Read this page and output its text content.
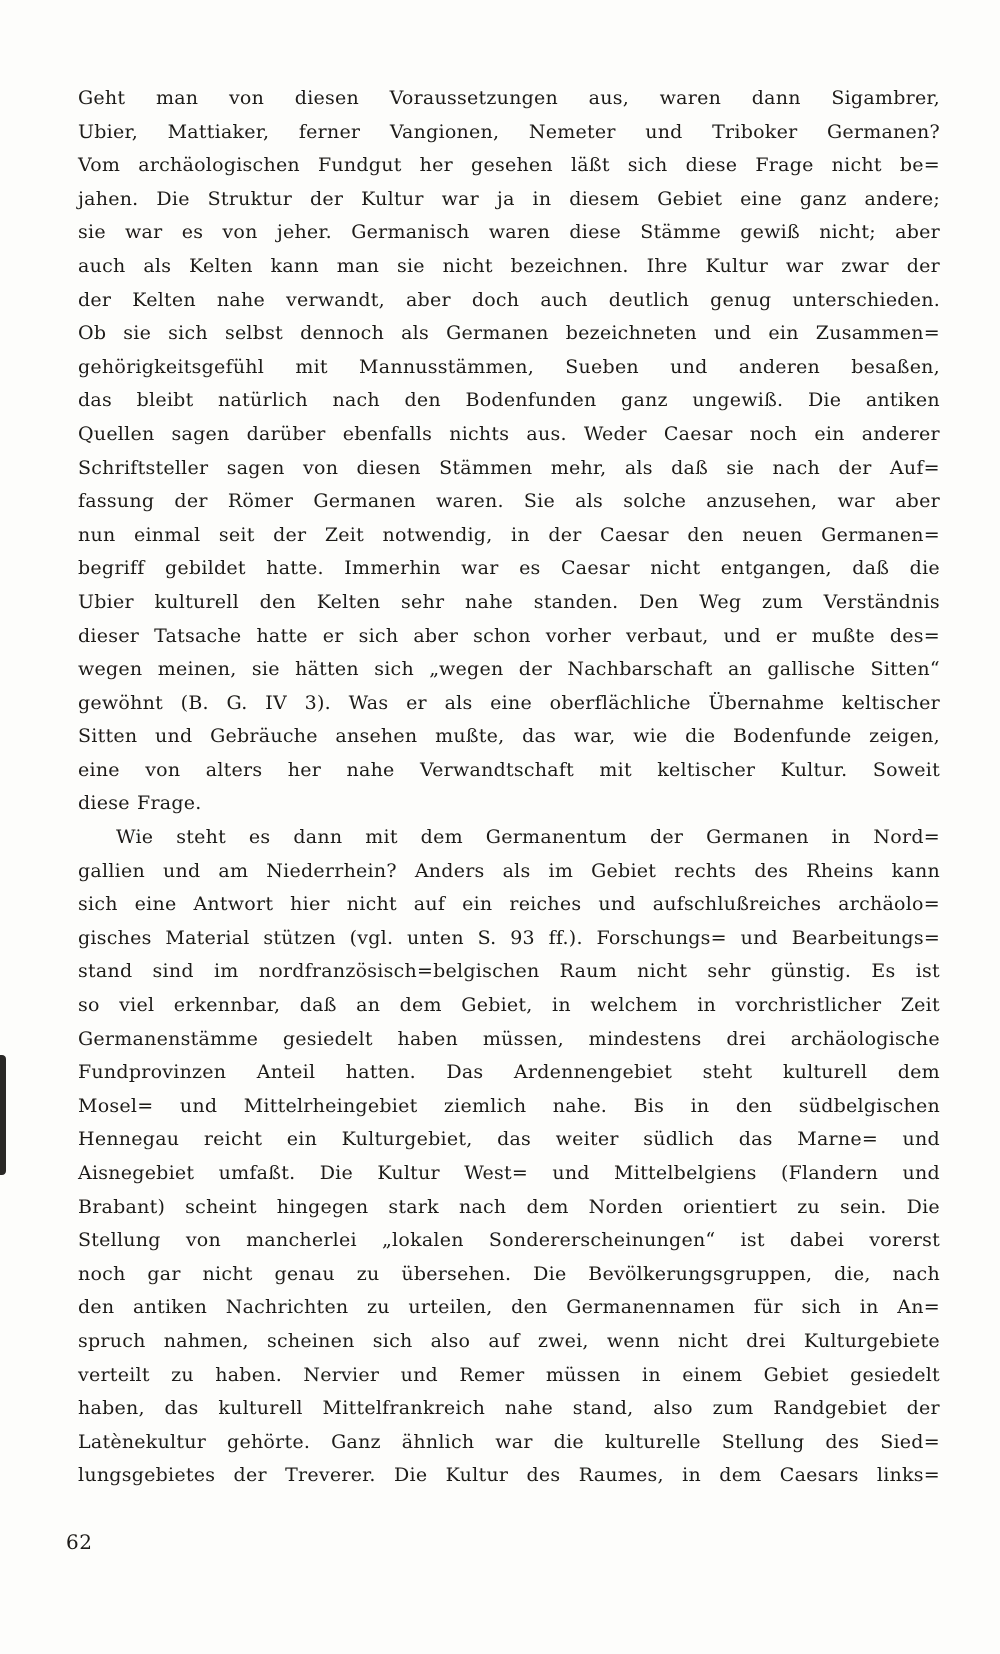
Geht man von diesen Voraussetzungen aus, waren dann Sigambrer,
Ubier, Mattiaker, ferner Vangionen, Nemeter und Triboker Germanen?
Vom archäologischen Fundgut her gesehen läßt sich diese Frage nicht be=
jahen. Die Struktur der Kultur war ja in diesem Gebiet eine ganz andere;
sie war es von jeher. Germanisch waren diese Stämme gewiß nicht; aber
auch als Kelten kann man sie nicht bezeichnen. Ihre Kultur war zwar der
der Kelten nahe verwandt, aber doch auch deutlich genug unterschieden.
Ob sie sich selbst dennoch als Germanen bezeichneten und ein Zusammen=
gehörigkeitsgefühl mit Mannusstämmen, Sueben und anderen besaßen,
das bleibt natürlich nach den Bodenfunden ganz ungewiß. Die antiken
Quellen sagen darüber ebenfalls nichts aus. Weder Caesar noch ein anderer
Schriftsteller sagen von diesen Stämmen mehr, als daß sie nach der Auf=
fassung der Römer Germanen waren. Sie als solche anzusehen, war aber
nun einmal seit der Zeit notwendig, in der Caesar den neuen Germanen=
begriff gebildet hatte. Immerhin war es Caesar nicht entgangen, daß die
Ubier kulturell den Kelten sehr nahe standen. Den Weg zum Verständnis
dieser Tatsache hatte er sich aber schon vorher verbaut, und er mußte des=
wegen meinen, sie hätten sich „wegen der Nachbarschaft an gallische Sitten“
gewöhnt (B. G. IV 3). Was er als eine oberflächliche Übernahme keltischer
Sitten und Gebräuche ansehen mußte, das war, wie die Bodenfunde zeigen,
eine von alters her nahe Verwandtschaft mit keltischer Kultur. Soweit
diese Frage.
Wie steht es dann mit dem Germanentum der Germanen in Nord=
gallien und am Niederrhein? Anders als im Gebiet rechts des Rheins kann
sich eine Antwort hier nicht auf ein reiches und aufschlußreiches archäolo=
gisches Material stützen (vgl. unten S. 93 ff.). Forschungs= und Bearbeitungs=
stand sind im nordfranzösisch=belgischen Raum nicht sehr günstig. Es ist
so viel erkennbar, daß an dem Gebiet, in welchem in vorchristlicher Zeit
Germanenstämme gesiedelt haben müssen, mindestens drei archäologische
Fundprovinzen Anteil hatten. Das Ardennengebiet steht kulturell dem
Mosel= und Mittelrheingebiet ziemlich nahe. Bis in den südbelgischen
Hennegau reicht ein Kulturgebiet, das weiter südlich das Marne= und
Aisnegebiet umfaßt. Die Kultur West= und Mittelbelgiens (Flandern und
Brabant) scheint hingegen stark nach dem Norden orientiert zu sein. Die
Stellung von mancherlei „lokalen Sondererscheinungen“ ist dabei vorerst
noch gar nicht genau zu übersehen. Die Bevölkerungsgruppen, die, nach
den antiken Nachrichten zu urteilen, den Germanennamen für sich in An=
spruch nahmen, scheinen sich also auf zwei, wenn nicht drei Kulturgebiete
verteilt zu haben. Nervier und Remer müssen in einem Gebiet gesiedelt
haben, das kulturell Mittelfrankreich nahe stand, also zum Randgebiet der
Latènekultur gehörte. Ganz ähnlich war die kulturelle Stellung des Sied=
lungsgebietes der Treverer. Die Kultur des Raumes, in dem Caesars links=
62
